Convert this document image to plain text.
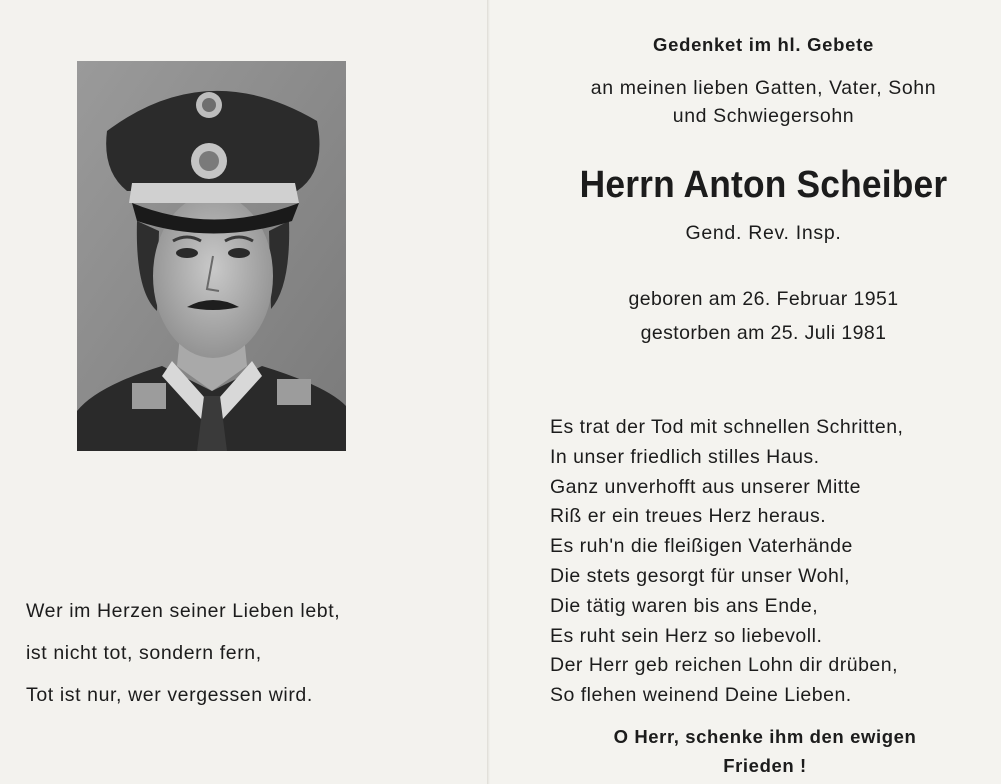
Wer im Herzen seiner Lieben lebt,
ist nicht tot, sondern fern,
Tot ist nur, wer vergessen wird.
Gedenket im hl. Gebete
an meinen lieben Gatten, Vater, Sohn
und Schwiegersohn
Herrn Anton Scheiber
Gend. Rev. Insp.
geboren am 26. Februar 1951
gestorben am 25. Juli 1981
Es trat der Tod mit schnellen Schritten,
In unser friedlich stilles Haus.
Ganz unverhofft aus unserer Mitte
Riß er ein treues Herz heraus.
Es ruh'n die fleißigen Vaterhände
Die stets gesorgt für unser Wohl,
Die tätig waren bis ans Ende,
Es ruht sein Herz so liebevoll.
Der Herr geb reichen Lohn dir drüben,
So flehen weinend Deine Lieben.
O Herr, schenke ihm den ewigen
Frieden !
